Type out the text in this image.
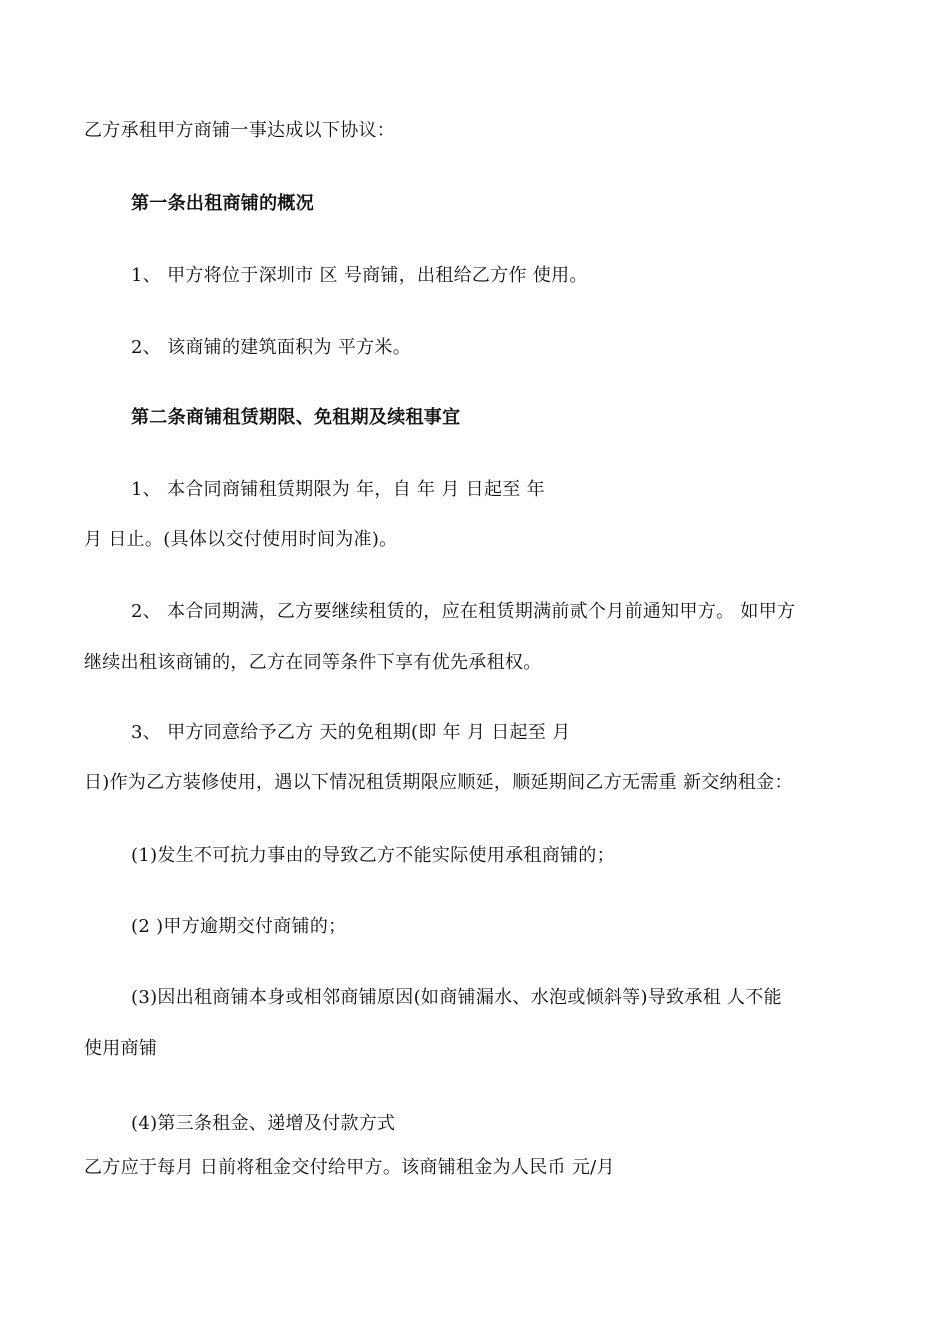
乙方承租甲方商铺一事达成以下协议：
第一条出租商铺的概况
1、 甲方将位于深圳市 区 号商铺，出租给乙方作 使用。
2、 该商铺的建筑面积为 平方米。
第二条商铺租赁期限、免租期及续租事宜
1、 本合同商铺租赁期限为 年，自 年 月 日起至 年
月 日止。(具体以交付使用时间为准)。
2、 本合同期满，乙方要继续租赁的，应在租赁期满前贰个月前通知甲方。 如甲方
继续出租该商铺的，乙方在同等条件下享有优先承租权。
3、 甲方同意给予乙方 天的免租期(即 年 月 日起至 月
日)作为乙方装修使用，遇以下情况租赁期限应顺延，顺延期间乙方无需重 新交纳租金：
(1)发生不可抗力事由的导致乙方不能实际使用承租商铺的；
(2 )甲方逾期交付商铺的；
(3)因出租商铺本身或相邻商铺原因(如商铺漏水、水泡或倾斜等)导致承租 人不能
使用商铺
(4)第三条租金、递增及付款方式
乙方应于每月 日前将租金交付给甲方。该商铺租金为人民币 元/月
